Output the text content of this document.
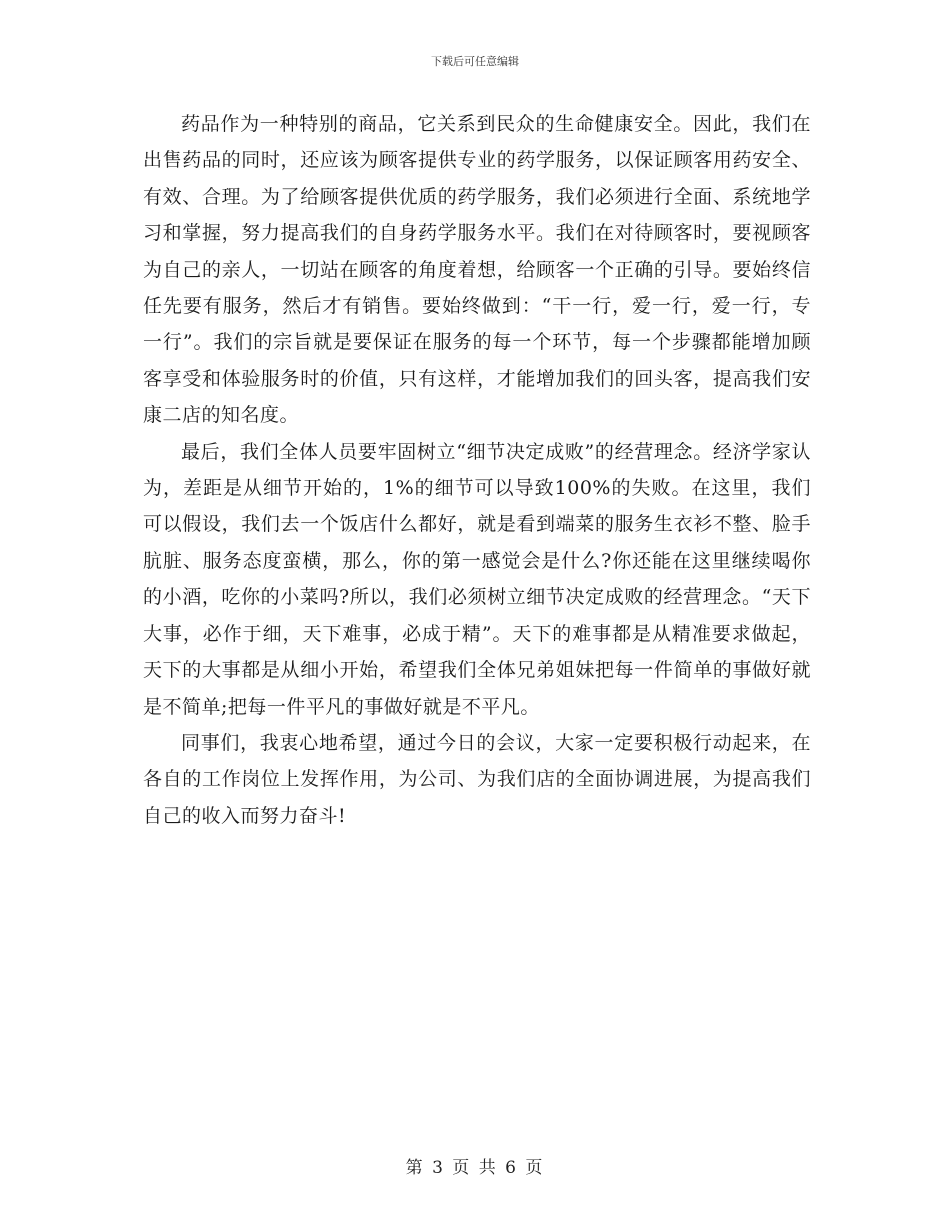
下载后可任意编辑

药品作为一种特别的商品，它关系到民众的生命健康安全。因此，我们在出售药品的同时，还应该为顾客提供专业的药学服务，以保证顾客用药安全、有效、合理。为了给顾客提供优质的药学服务，我们必须进行全面、系统地学习和掌握，努力提高我们的自身药学服务水平。我们在对待顾客时，要视顾客为自己的亲人，一切站在顾客的角度着想，给顾客一个正确的引导。要始终信任先要有服务，然后才有销售。要始终做到：“干一行，爱一行，爱一行，专一行”。我们的宗旨就是要保证在服务的每一个环节，每一个步骤都能增加顾客享受和体验服务时的价值，只有这样，才能增加我们的回头客，提高我们安康二店的知名度。

最后，我们全体人员要牢固树立“细节决定成败”的经营理念。经济学家认为，差距是从细节开始的，1%的细节可以导致100%的失败。在这里，我们可以假设，我们去一个饭店什么都好，就是看到端菜的服务生衣衫不整、脸手肮脏、服务态度蛮横，那么，你的第一感觉会是什么?你还能在这里继续喝你的小酒，吃你的小菜吗?所以，我们必须树立细节决定成败的经营理念。“天下大事，必作于细，天下难事，必成于精”。天下的难事都是从精准要求做起，天下的大事都是从细小开始，希望我们全体兄弟姐妹把每一件简单的事做好就是不简单;把每一件平凡的事做好就是不平凡。

同事们，我衷心地希望，通过今日的会议，大家一定要积极行动起来，在各自的工作岗位上发挥作用，为公司、为我们店的全面协调进展，为提高我们自己的收入而努力奋斗!

第 3 页 共 6 页
